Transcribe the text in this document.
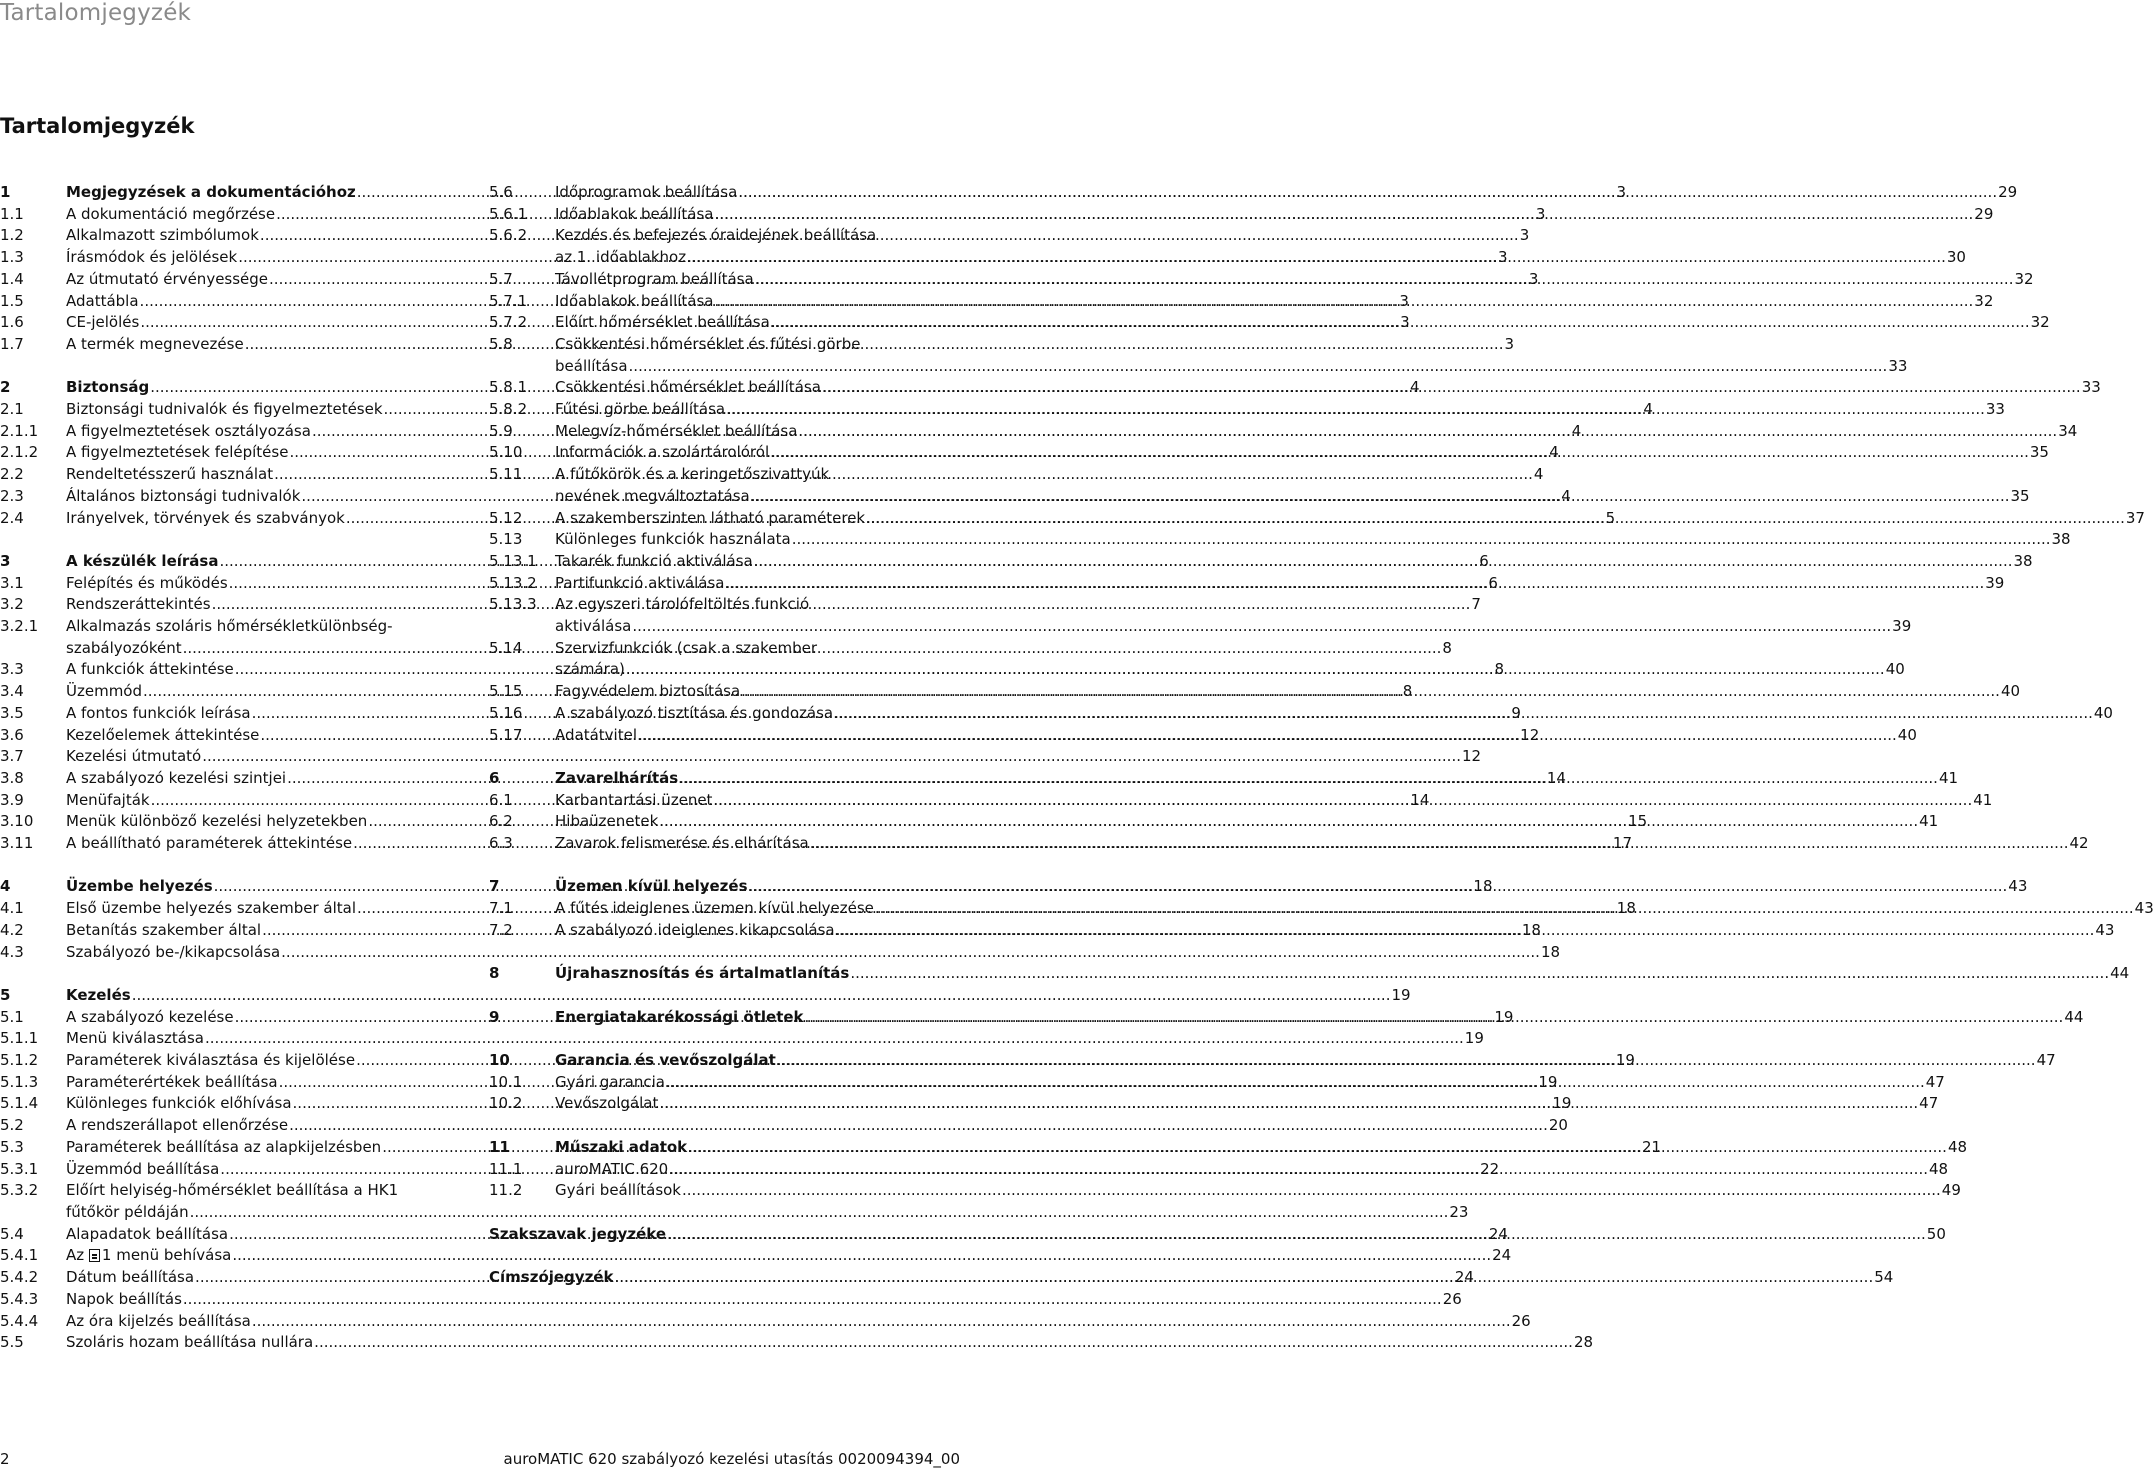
Tartalomjegyzék
Tartalomjegyzék
1	Megjegyzések a dokumentációhoz .....	3
1.1	A dokumentáció megőrzése .....	3
1.2	Alkalmazott szimbólumok .....	3
1.3	Írásmódok és jelölések .....	3
1.4	Az útmutató érvényessége .....	3
1.5	Adattábla .....	3
1.6	CE-jelölés .....	3
1.7	A termék megnevezése .....	3
2	Biztonság .....	4
2.1	Biztonsági tudnivalók és figyelmeztetések .....	4
2.1.1	A figyelmeztetések osztályozása .....	4
2.1.2	A figyelmeztetések felépítése .....	4
2.2	Rendeltetésszerű használat .....	4
2.3	Általános biztonsági tudnivalók .....	4
2.4	Irányelvek, törvények és szabványok .....	5
3	A készülék leírása .....	6
3.1	Felépítés és működés .....	6
3.2	Rendszeráttekintés .....	7
3.2.1	Alkalmazás szoláris hőmérsékletkülönbség-
szabályozóként .....	8
3.3	A funkciók áttekintése .....	8
3.4	Üzemmód .....	8
3.5	A fontos funkciók leírása .....	9
3.6	Kezelőelemek áttekintése .....	12
3.7	Kezelési útmutató .....	12
3.8	A szabályozó kezelési szintjei .....	14
3.9	Menüfajták .....	14
3.10	Menük különböző kezelési helyzetekben .....	15
3.11	A beállítható paraméterek áttekintése .....	17
4	Üzembe helyezés .....	18
4.1	Első üzembe helyezés szakember által .....	18
4.2	Betanítás szakember által .....	18
4.3	Szabályozó be-/kikapcsolása .....	18
5	Kezelés .....	19
5.1	A szabályozó kezelése .....	19
5.1.1	Menü kiválasztása .....	19
5.1.2	Paraméterek kiválasztása és kijelölése .....	19
5.1.3	Paraméterértékek beállítása .....	19
5.1.4	Különleges funkciók előhívása .....	19
5.2	A rendszerállapot ellenőrzése .....	20
5.3	Paraméterek beállítása az alapkijelzésben .....	21
5.3.1	Üzemmód beállítása .....	22
5.3.2	Előírt helyiség-hőmérséklet beállítása a HK1
fűtőkör példáján .....	23
5.4	Alapadatok beállítása .....	24
5.4.1	Az 1 menü behívása .....	24
5.4.2	Dátum beállítása .....	24
5.4.3	Napok beállítás .....	26
5.4.4	Az óra kijelzés beállítása .....	26
5.5	Szoláris hozam beállítása nullára .....	28
5.6	Időprogramok beállítása .....	29
5.6.1	Időablakok beállítása .....	29
5.6.2	Kezdés és befejezés óraidejének beállítása
az 1. időablakhoz .....	30
5.7	Távollétprogram beállítása .....	32
5.7.1	Időablakok beállítása .....	32
5.7.2	Előírt hőmérséklet beállítása .....	32
5.8	Csökkentési hőmérséklet és fűtési görbe
beállítása .....	33
5.8.1	Csökkentési hőmérséklet beállítása .....	33
5.8.2	Fűtési görbe beállítása .....	33
5.9	Melegvíz-hőmérséklet beállítása .....	34
5.10	Információk a szolártárolóról .....	35
5.11	A fűtőkörök és a keringetőszivattyúk
nevének megváltoztatása .....	35
5.12	A szakemberszinten látható paraméterek .....	37
5.13	Különleges funkciók használata .....	38
5.13.1	Takarék funkció aktiválása .....	38
5.13.2	Partifunkció aktiválása .....	39
5.13.3	Az egyszeri tárolófeltöltés funkció
aktiválása .....	39
5.14	Szervizfunkciók (csak a szakember
számára) .....	40
5.15	Fagyvédelem biztosítása .....	40
5.16	A szabályozó tisztítása és gondozása .....	40
5.17	Adatátvitel .....	40
6	Zavarelhárítás .....	41
6.1	Karbantartási üzenet .....	41
6.2	Hibaüzenetek .....	41
6.3	Zavarok felismerése és elhárítása .....	42
7	Üzemen kívül helyezés .....	43
7.1	A fűtés ideiglenes üzemen kívül helyezése .....	43
7.2	A szabályozó ideiglenes kikapcsolása .....	43
8	Újrahasznosítás és ártalmatlanítás .....	44
9	Energiatakarékossági ötletek .....	44
10	Garancia és vevőszolgálat .....	47
10.1	Gyári garancia .....	47
10.2	Vevőszolgálat .....	47
11	Műszaki adatok .....	48
11.1	auroMATIC 620 .....	48
11.2	Gyári beállítások .....	49
Szakszavak jegyzéke .....	50
Címszójegyzék .....	54
2	auroMATIC 620 szabályozó kezelési utasítás 0020094394_00
